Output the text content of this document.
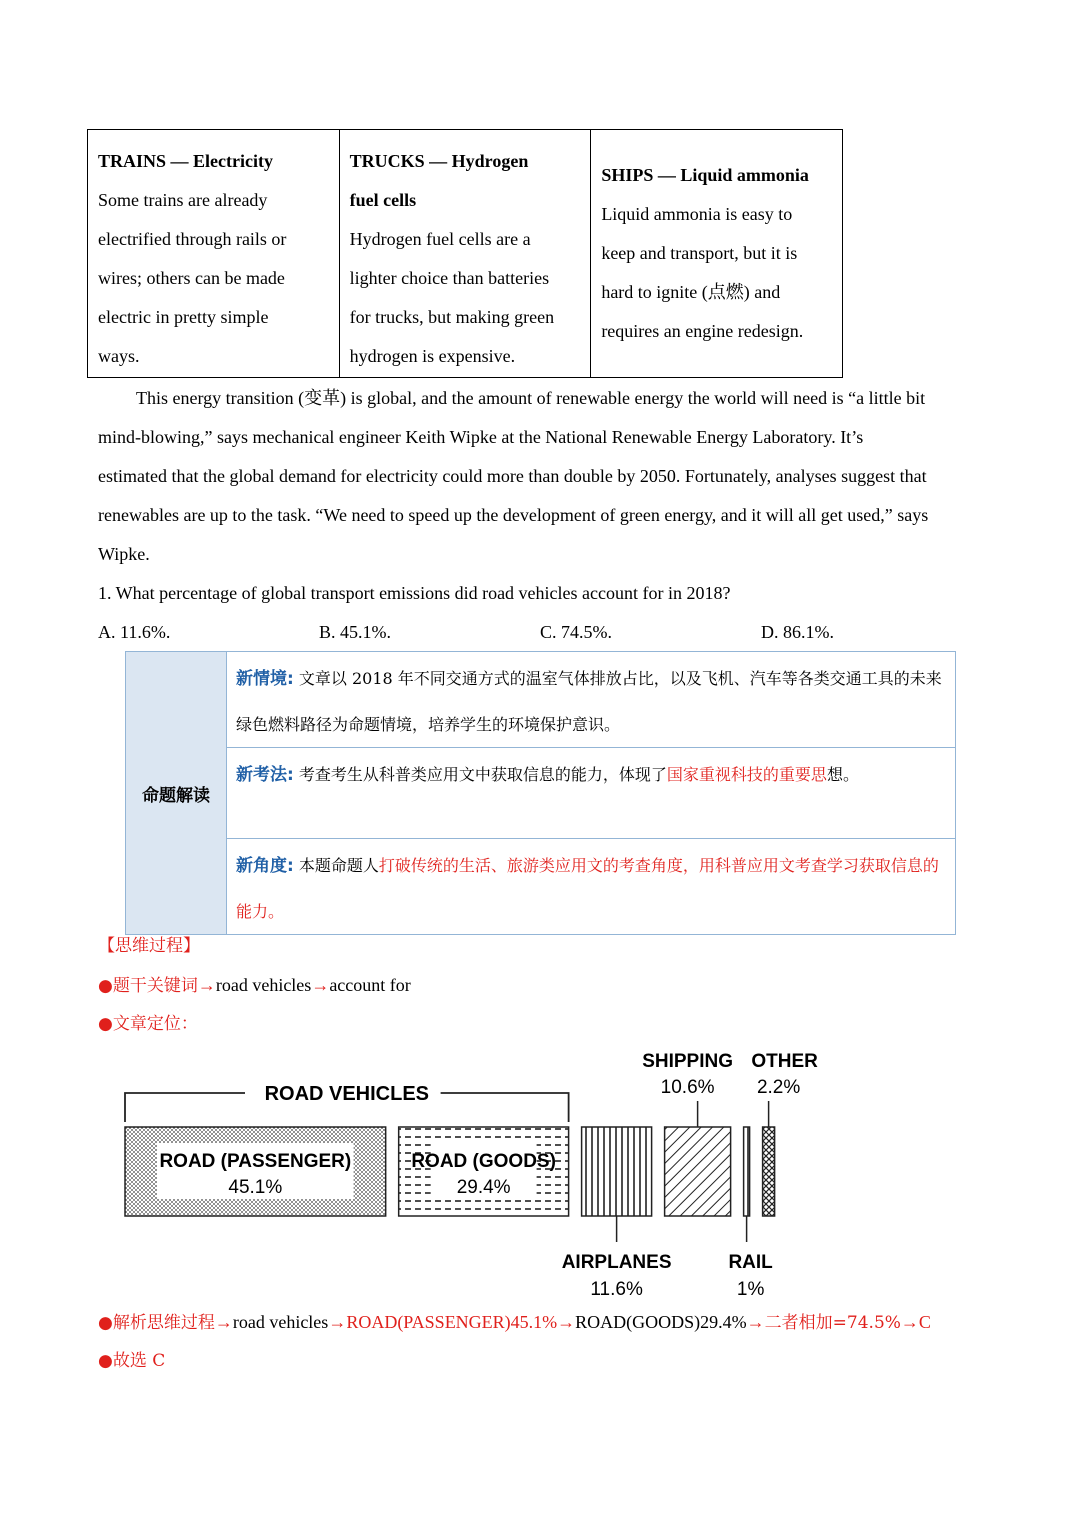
TRAINS — Electricity
Some trains are already
electrified through rails or
wires; others can be made
electric in pretty simple
ways.

TRUCKS — Hydrogen
fuel cells
Hydrogen fuel cells are a
lighter choice than batteries
for trucks, but making green
hydrogen is expensive.

SHIPS — Liquid ammonia
Liquid ammonia is easy to
keep and transport, but it is
hard to ignite (点燃) and
requires an engine redesign.
This energy transition (变革) is global, and the amount of renewable energy the world will need is “a little bit
mind-blowing,” says mechanical engineer Keith Wipke at the National Renewable Energy Laboratory. It’s
estimated that the global demand for electricity could more than double by 2050. Fortunately, analyses suggest that
renewables are up to the task. “We need to speed up the development of green energy, and it will all get used,” says
Wipke.
1. What percentage of global transport emissions did road vehicles account for in 2018?
A. 11.6%.	B. 45.1%.	C. 74.5%.	D. 86.1%.
命题解读	新情境: 文章以 2018 年不同交通方式的温室气体排放占比，以及飞机、汽车等各类交通工具的未来绿色燃料路径为命题情境，培养学生的环境保护意识。
新考法: 考查考生从科普类应用文中获取信息的能力，体现了国家重视科技的重要思想。
新角度: 本题命题人打破传统的生活、旅游类应用文的考查角度，用科普应用文考查学习获取信息的能力。
【思维过程】
●题干关键词→road vehicles→account for
●文章定位：
ROAD (PASSENGER)
45.1%
ROAD (GOODS)
29.4%
ROAD VEHICLES
SHIPPING OTHER
10.6% 2.2%
AIRPLANES	RAIL
11.6%	1%
●解析思维过程→road vehicles→ROAD(PASSENGER)45.1%→ROAD(GOODS)29.4%→二者相加=74.5%→C
●故选 C
